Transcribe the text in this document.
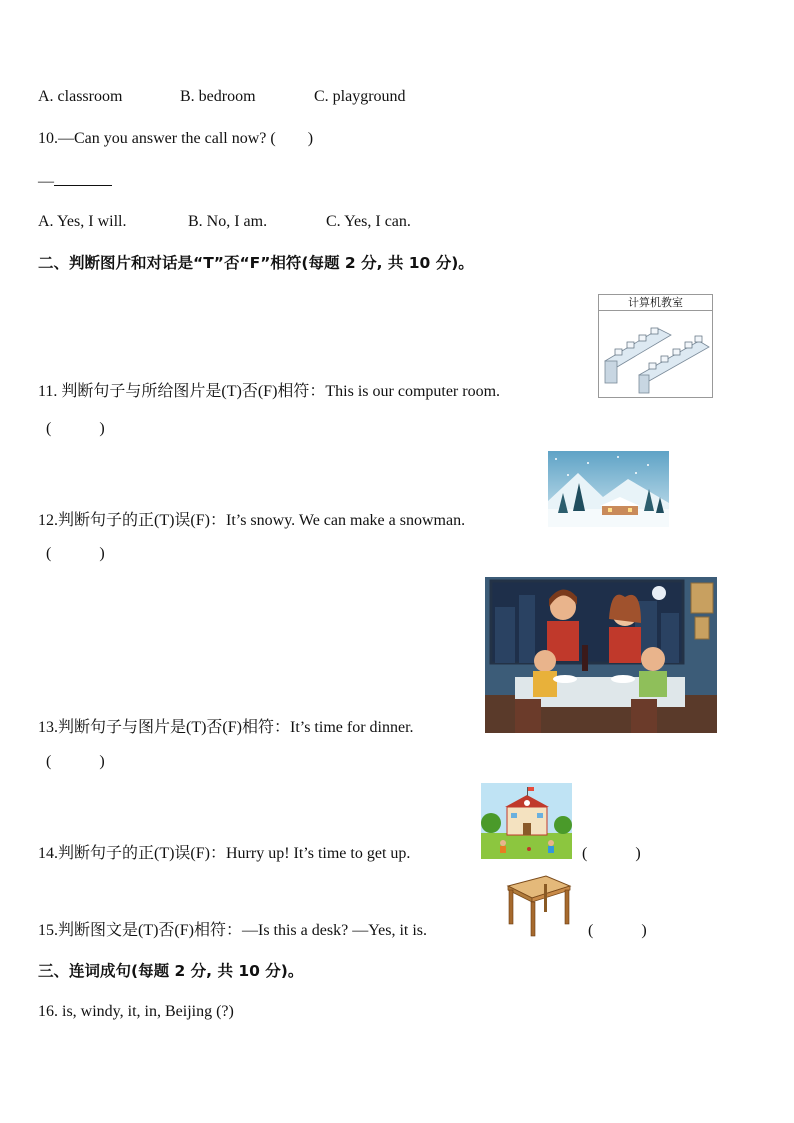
A. classroom	B. bedroom	C. playground
10.—Can you answer the call now? (　　)
—
A. Yes, I will.	B. No, I am.	C. Yes, I can.
二、判断图片和对话是“T”否“F”相符(每题 2 分, 共 10 分)。
计算机教室
11. 判断句子与所给图片是(T)否(F)相符：This is our computer room.
(　　　)
12.判断句子的正(T)误(F)：It’s snowy. We can make a snowman.
(　　　)
13.判断句子与图片是(T)否(F)相符：It’s time for dinner.
(　　　)
14.判断句子的正(T)误(F)：Hurry up! It’s time to get up.	(　　　)
15.判断图文是(T)否(F)相符：—Is this a desk? —Yes, it is.	(　　　)
三、连词成句(每题 2 分, 共 10 分)。
16. is, windy, it, in, Beijing (?)
